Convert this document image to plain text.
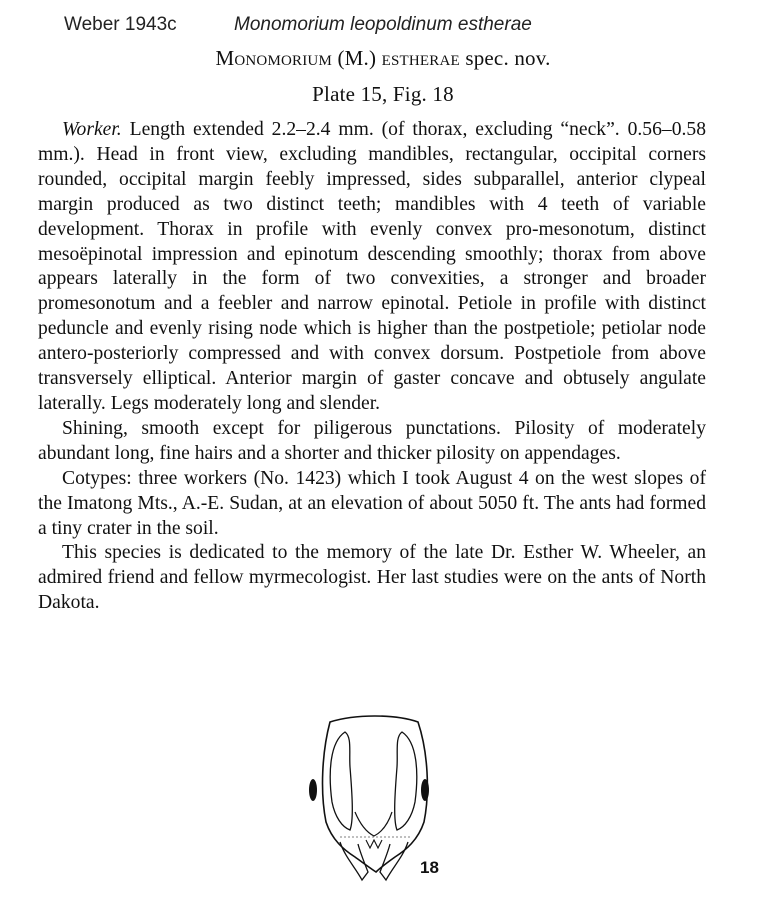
Weber 1943c	Monomorium leopoldinum estherae
Monomorium (M.) estherae spec. nov.
Plate 15, Fig. 18

Worker. Length extended 2.2–2.4 mm. (of thorax, excluding “neck”. 0.56–0.58 mm.). Head in front view, excluding mandibles, rectangular, occipital corners rounded, occipital margin feebly impressed, sides subparallel, anterior clypeal margin produced as two distinct teeth; mandibles with 4 teeth of variable development. Thorax in profile with evenly convex pro-mesonotum, distinct mesoëpinotal impression and epinotum descending smoothly; thorax from above appears laterally in the form of two convexities, a stronger and broader promesonotum and a feebler and narrow epinotal. Petiole in profile with distinct peduncle and evenly rising node which is higher than the postpetiole; petiolar node antero-posteriorly compressed and with convex dorsum. Postpetiole from above transversely elliptical. Anterior margin of gaster concave and obtusely angulate laterally. Legs moderately long and slender.

Shining, smooth except for piligerous punctations. Pilosity of moderately abundant long, fine hairs and a shorter and thicker pilosity on appendages.

Cotypes: three workers (No. 1423) which I took August 4 on the west slopes of the Imatong Mts., A.-E. Sudan, at an elevation of about 5050 ft. The ants had formed a tiny crater in the soil.

This species is dedicated to the memory of the late Dr. Esther W. Wheeler, an admired friend and fellow myrmecologist. Her last studies were on the ants of North Dakota.

18
